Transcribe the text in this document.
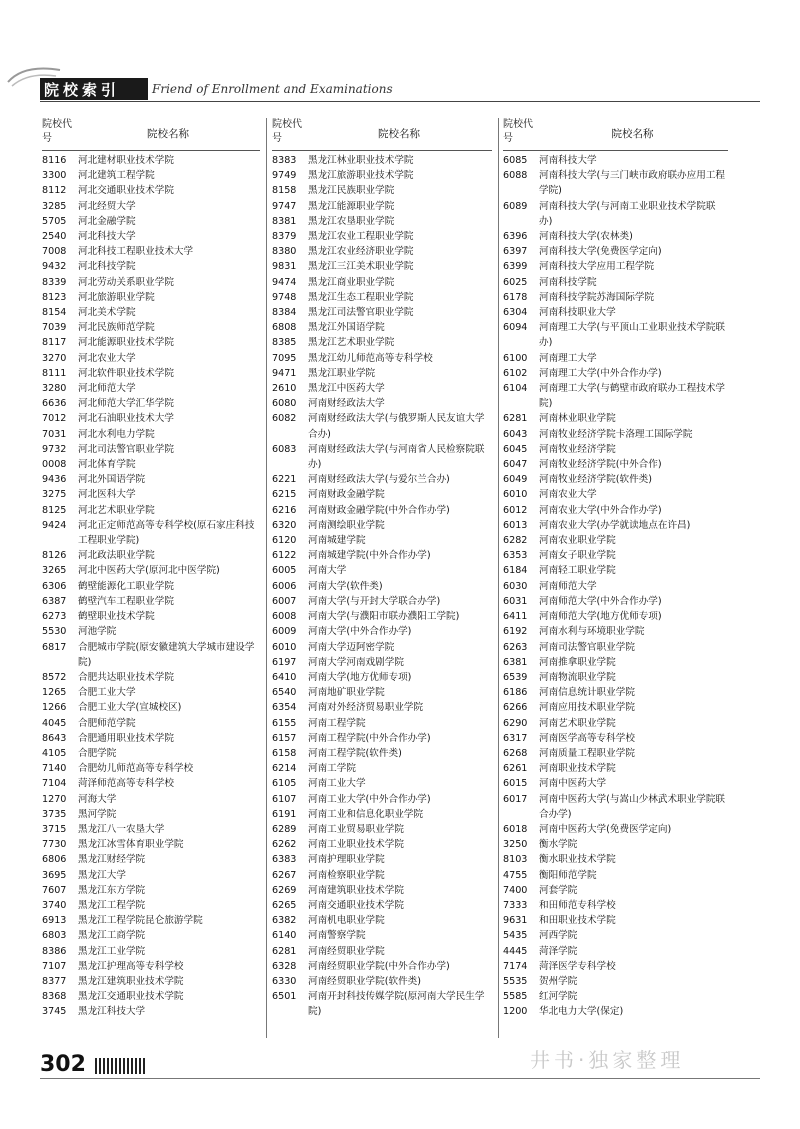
院校索引	Friend of Enrollment and Examinations
院校代号	院校名称
8116	河北建材职业技术学院
3300	河北建筑工程学院
8112	河北交通职业技术学院
3285	河北经贸大学
5705	河北金融学院
2540	河北科技大学
7008	河北科技工程职业技术大学
9432	河北科技学院
8339	河北劳动关系职业学院
8123	河北旅游职业学院
8154	河北美术学院
7039	河北民族师范学院
8117	河北能源职业技术学院
3270	河北农业大学
8111	河北软件职业技术学院
3280	河北师范大学
6636	河北师范大学汇华学院
7012	河北石油职业技术大学
7031	河北水利电力学院
9732	河北司法警官职业学院
0008	河北体育学院
9436	河北外国语学院
3275	河北医科大学
8125	河北艺术职业学院
9424	河北正定师范高等专科学校(原石家庄科技工程职业学院)
8126	河北政法职业学院
3265	河北中医药大学(原河北中医学院)
6306	鹤壁能源化工职业学院
6387	鹤壁汽车工程职业学院
6273	鹤壁职业技术学院
5530	河池学院
6817	合肥城市学院(原安徽建筑大学城市建设学院)
8572	合肥共达职业技术学院
1265	合肥工业大学
1266	合肥工业大学(宣城校区)
4045	合肥师范学院
8643	合肥通用职业技术学院
4105	合肥学院
7140	合肥幼儿师范高等专科学校
7104	菏泽师范高等专科学校
1270	河海大学
3735	黑河学院
3715	黑龙江八一农垦大学
7730	黑龙江冰雪体育职业学院
6806	黑龙江财经学院
3695	黑龙江大学
7607	黑龙江东方学院
3740	黑龙江工程学院
6913	黑龙江工程学院昆仑旅游学院
6803	黑龙江工商学院
8386	黑龙江工业学院
7107	黑龙江护理高等专科学校
8377	黑龙江建筑职业技术学院
8368	黑龙江交通职业技术学院
3745	黑龙江科技大学
院校代号	院校名称
8383	黑龙江林业职业技术学院
9749	黑龙江旅游职业技术学院
8158	黑龙江民族职业学院
9747	黑龙江能源职业学院
8381	黑龙江农垦职业学院
8379	黑龙江农业工程职业学院
8380	黑龙江农业经济职业学院
9831	黑龙江三江美术职业学院
9474	黑龙江商业职业学院
9748	黑龙江生态工程职业学院
8384	黑龙江司法警官职业学院
6808	黑龙江外国语学院
8385	黑龙江艺术职业学院
7095	黑龙江幼儿师范高等专科学校
9471	黑龙江职业学院
2610	黑龙江中医药大学
6080	河南财经政法大学
6082	河南财经政法大学(与俄罗斯人民友谊大学合办)
6083	河南财经政法大学(与河南省人民检察院联办)
6221	河南财经政法大学(与爱尔兰合办)
6215	河南财政金融学院
6216	河南财政金融学院(中外合作办学)
6320	河南测绘职业学院
6120	河南城建学院
6122	河南城建学院(中外合作办学)
6005	河南大学
6006	河南大学(软件类)
6007	河南大学(与开封大学联合办学)
6008	河南大学(与濮阳市联办濮阳工学院)
6009	河南大学(中外合作办学)
6010	河南大学迈阿密学院
6197	河南大学河南戏剧学院
6410	河南大学(地方优师专项)
6540	河南地矿职业学院
6354	河南对外经济贸易职业学院
6155	河南工程学院
6157	河南工程学院(中外合作办学)
6158	河南工程学院(软件类)
6214	河南工学院
6105	河南工业大学
6107	河南工业大学(中外合作办学)
6191	河南工业和信息化职业学院
6289	河南工业贸易职业学院
6262	河南工业职业技术学院
6383	河南护理职业学院
6267	河南检察职业学院
6269	河南建筑职业技术学院
6265	河南交通职业技术学院
6382	河南机电职业学院
6140	河南警察学院
6281	河南经贸职业学院
6328	河南经贸职业学院(中外合作办学)
6330	河南经贸职业学院(软件类)
6501	河南开封科技传媒学院(原河南大学民生学院)
院校代号	院校名称
6085	河南科技大学
6088	河南科技大学(与三门峡市政府联办应用工程学院)
6089	河南科技大学(与河南工业职业技术学院联办)
6396	河南科技大学(农林类)
6397	河南科技大学(免费医学定向)
6399	河南科技大学应用工程学院
6025	河南科技学院
6178	河南科技学院苏海国际学院
6304	河南科技职业大学
6094	河南理工大学(与平顶山工业职业技术学院联办)
6100	河南理工大学
6102	河南理工大学(中外合作办学)
6104	河南理工大学(与鹤壁市政府联办工程技术学院)
6281	河南林业职业学院
6043	河南牧业经济学院卡洛理工国际学院
6045	河南牧业经济学院
6047	河南牧业经济学院(中外合作)
6049	河南牧业经济学院(软件类)
6010	河南农业大学
6012	河南农业大学(中外合作办学)
6013	河南农业大学(办学就读地点在许昌)
6282	河南农业职业学院
6353	河南女子职业学院
6184	河南轻工职业学院
6030	河南师范大学
6031	河南师范大学(中外合作办学)
6411	河南师范大学(地方优师专项)
6192	河南水利与环境职业学院
6263	河南司法警官职业学院
6381	河南推拿职业学院
6539	河南物流职业学院
6186	河南信息统计职业学院
6266	河南应用技术职业学院
6290	河南艺术职业学院
6317	河南医学高等专科学校
6268	河南质量工程职业学院
6261	河南职业技术学院
6015	河南中医药大学
6017	河南中医药大学(与嵩山少林武术职业学院联合办学)
6018	河南中医药大学(免费医学定向)
3250	衡水学院
8103	衡水职业技术学院
4755	衡阳师范学院
7400	河套学院
7333	和田师范专科学校
9631	和田职业技术学院
5435	河西学院
4445	菏泽学院
7174	菏泽医学专科学校
5535	贺州学院
5585	红河学院
1200	华北电力大学(保定)
302	井书·独家整理
